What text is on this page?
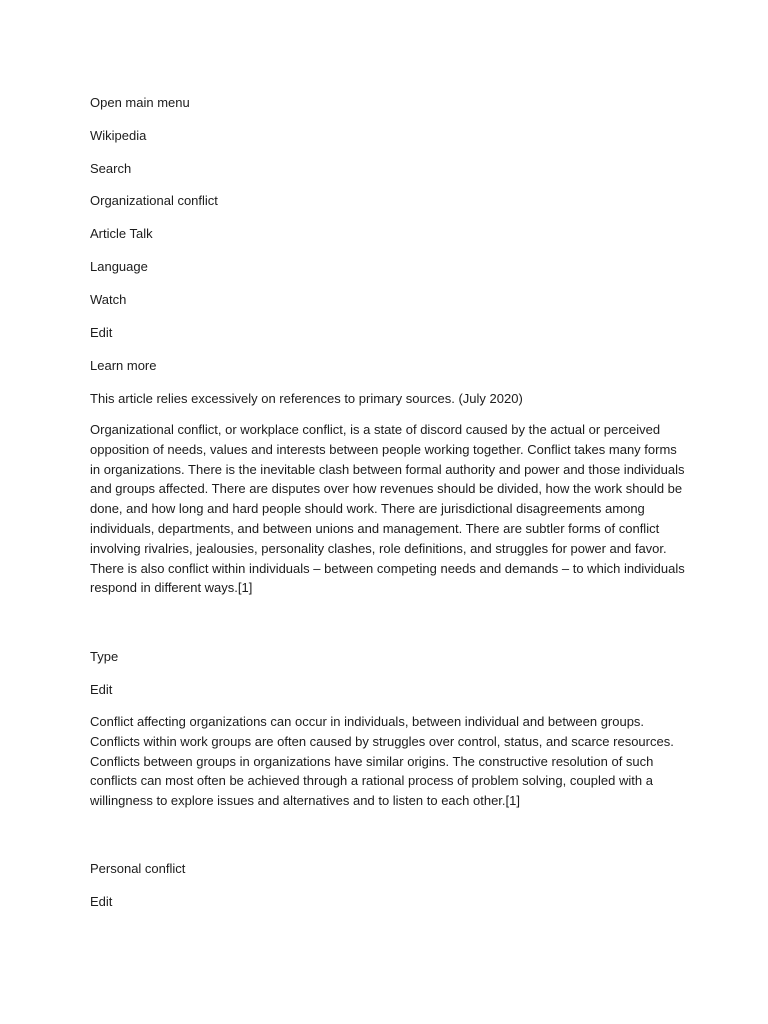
Open main menu
Wikipedia
Search
Organizational conflict
Article Talk
Language
Watch
Edit
Learn more
This article relies excessively on references to primary sources. (July 2020)
Organizational conflict, or workplace conflict, is a state of discord caused by the actual or perceived
opposition of needs, values and interests between people working together. Conflict takes many forms
in organizations. There is the inevitable clash between formal authority and power and those individuals
and groups affected. There are disputes over how revenues should be divided, how the work should be
done, and how long and hard people should work. There are jurisdictional disagreements among
individuals, departments, and between unions and management. There are subtler forms of conflict
involving rivalries, jealousies, personality clashes, role definitions, and struggles for power and favor.
There is also conflict within individuals – between competing needs and demands – to which individuals
respond in different ways.[1]
Type
Edit
Conflict affecting organizations can occur in individuals, between individual and between groups.
Conflicts within work groups are often caused by struggles over control, status, and scarce resources.
Conflicts between groups in organizations have similar origins. The constructive resolution of such
conflicts can most often be achieved through a rational process of problem solving, coupled with a
willingness to explore issues and alternatives and to listen to each other.[1]
Personal conflict
Edit
